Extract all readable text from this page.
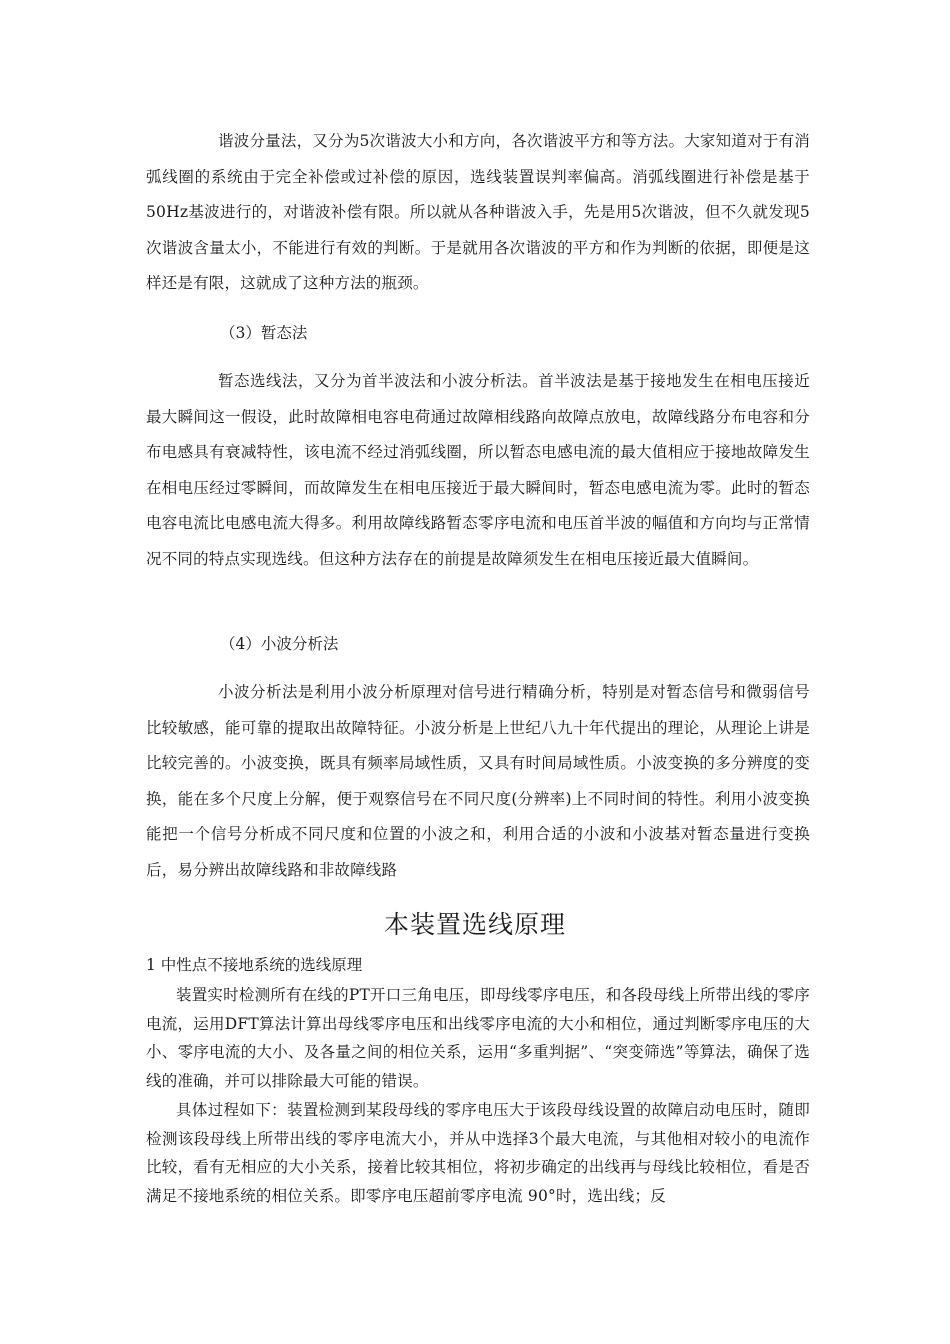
谐波分量法，又分为5次谐波大小和方向，各次谐波平方和等方法。大家知道对于有消弧线圈的系统由于完全补偿或过补偿的原因，选线装置误判率偏高。消弧线圈进行补偿是基于50Hz基波进行的，对谐波补偿有限。所以就从各种谐波入手，先是用5次谐波，但不久就发现5次谐波含量太小，不能进行有效的判断。于是就用各次谐波的平方和作为判断的依据，即便是这样还是有限，这就成了这种方法的瓶颈。

（3）暂态法

暂态选线法，又分为首半波法和小波分析法。首半波法是基于接地发生在相电压接近最大瞬间这一假设，此时故障相电容电荷通过故障相线路向故障点放电，故障线路分布电容和分布电感具有衰减特性，该电流不经过消弧线圈，所以暂态电感电流的最大值相应于接地故障发生在相电压经过零瞬间，而故障发生在相电压接近于最大瞬间时，暂态电感电流为零。此时的暂态电容电流比电感电流大得多。利用故障线路暂态零序电流和电压首半波的幅值和方向均与正常情况不同的特点实现选线。但这种方法存在的前提是故障须发生在相电压接近最大值瞬间。

（4）小波分析法

小波分析法是利用小波分析原理对信号进行精确分析，特别是对暂态信号和微弱信号比较敏感，能可靠的提取出故障特征。小波分析是上世纪八九十年代提出的理论，从理论上讲是比较完善的。小波变换，既具有频率局域性质，又具有时间局域性质。小波变换的多分辨度的变换，能在多个尺度上分解，便于观察信号在不同尺度(分辨率)上不同时间的特性。利用小波变换能把一个信号分析成不同尺度和位置的小波之和，利用合适的小波和小波基对暂态量进行变换后，易分辨出故障线路和非故障线路

本装置选线原理

1 中性点不接地系统的选线原理

装置实时检测所有在线的PT开口三角电压，即母线零序电压，和各段母线上所带出线的零序电流，运用DFT算法计算出母线零序电压和出线零序电流的大小和相位，通过判断零序电压的大小、零序电流的大小、及各量之间的相位关系，运用“多重判据”、“突变筛选”等算法，确保了选线的准确，并可以排除最大可能的错误。

具体过程如下：装置检测到某段母线的零序电压大于该段母线设置的故障启动电压时，随即检测该段母线上所带出线的零序电流大小，并从中选择3个最大电流，与其他相对较小的电流作比较，看有无相应的大小关系，接着比较其相位，将初步确定的出线再与母线比较相位，看是否满足不接地系统的相位关系。即零序电压超前零序电流 90°时，选出线；反
